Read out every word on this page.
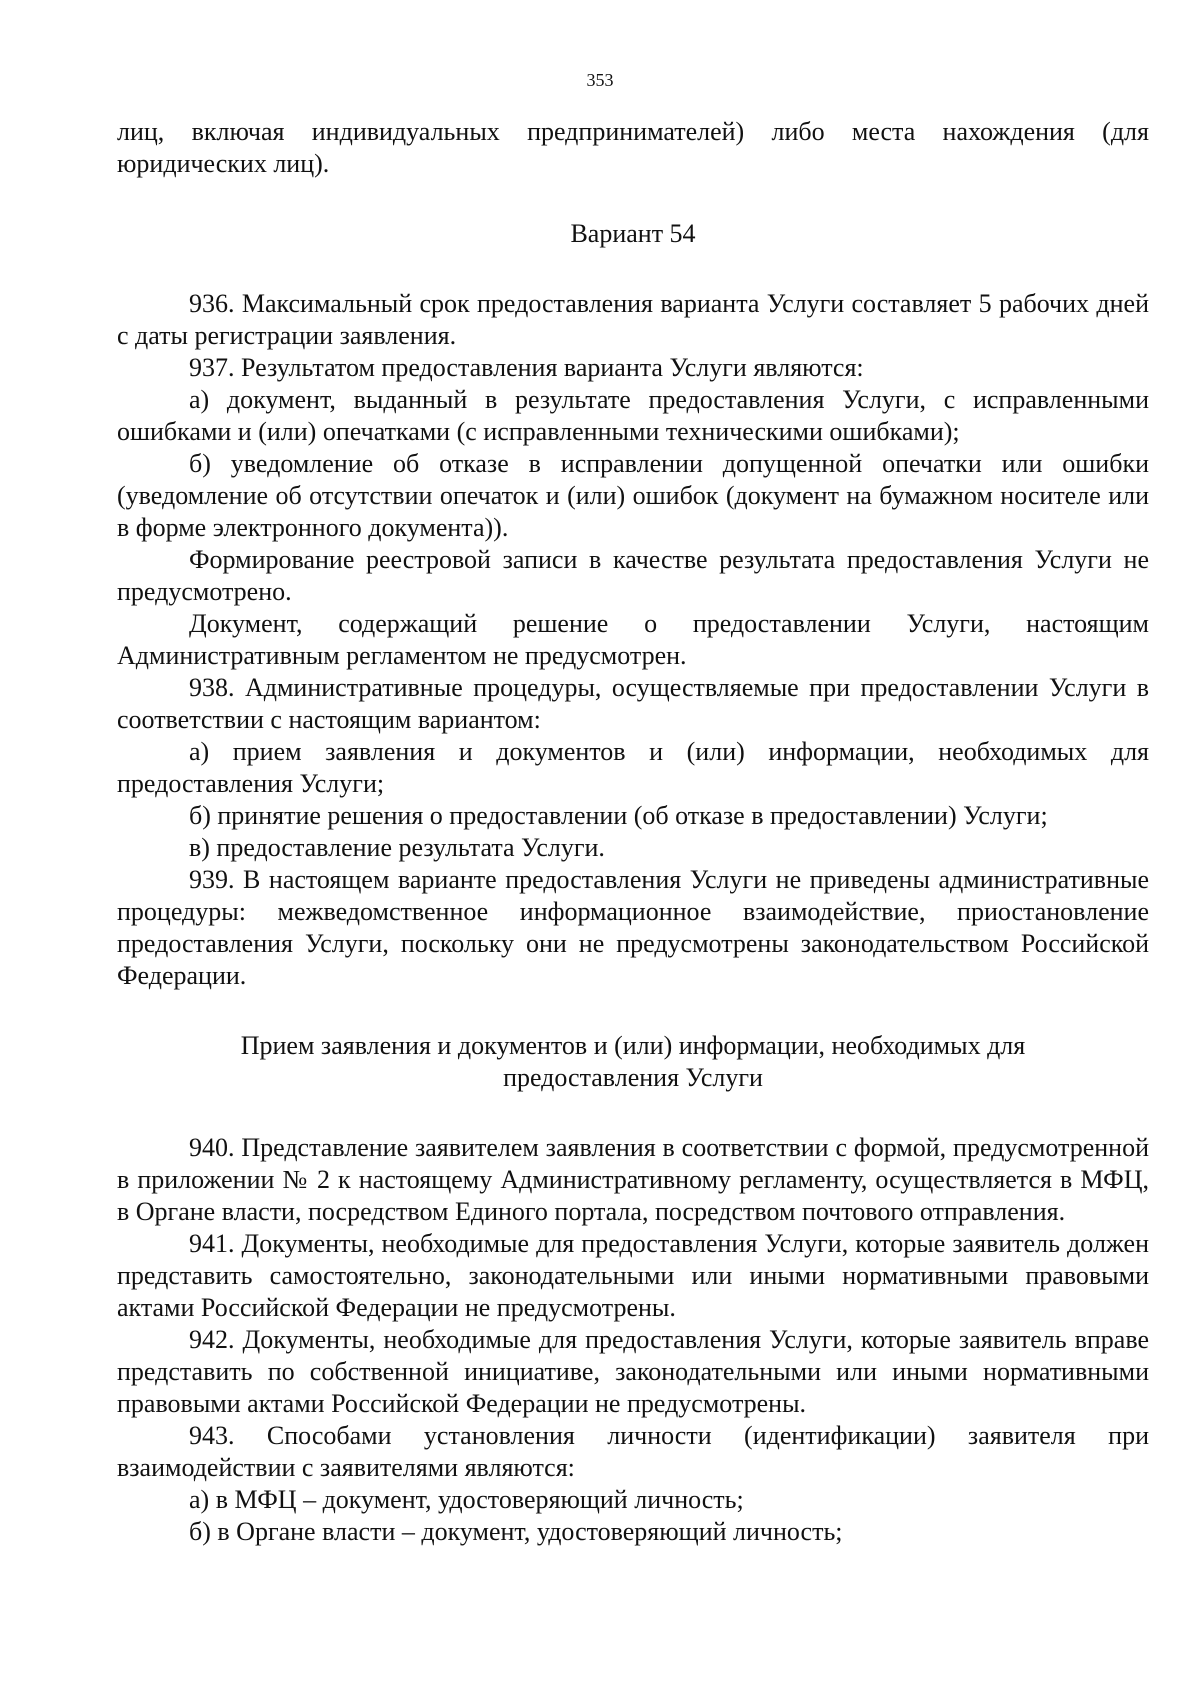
353

лиц, включая индивидуальных предпринимателей) либо места нахождения (для юридических лиц).

Вариант 54

936. Максимальный срок предоставления варианта Услуги составляет 5 рабочих дней с даты регистрации заявления.

937. Результатом предоставления варианта Услуги являются:

а) документ, выданный в результате предоставления Услуги, с исправленными ошибками и (или) опечатками (с исправленными техническими ошибками);

б) уведомление об отказе в исправлении допущенной опечатки или ошибки (уведомление об отсутствии опечаток и (или) ошибок (документ на бумажном носителе или в форме электронного документа)).

Формирование реестровой записи в качестве результата предоставления Услуги не предусмотрено.

Документ, содержащий решение о предоставлении Услуги, настоящим Административным регламентом не предусмотрен.

938. Административные процедуры, осуществляемые при предоставлении Услуги в соответствии с настоящим вариантом:

а) прием заявления и документов и (или) информации, необходимых для предоставления Услуги;

б) принятие решения о предоставлении (об отказе в предоставлении) Услуги;

в) предоставление результата Услуги.

939. В настоящем варианте предоставления Услуги не приведены административные процедуры: межведомственное информационное взаимодействие, приостановление предоставления Услуги, поскольку они не предусмотрены законодательством Российской Федерации.

Прием заявления и документов и (или) информации, необходимых для
предоставления Услуги

940. Представление заявителем заявления в соответствии с формой, предусмотренной в приложении № 2 к настоящему Административному регламенту, осуществляется в МФЦ, в Органе власти, посредством Единого портала, посредством почтового отправления.

941. Документы, необходимые для предоставления Услуги, которые заявитель должен представить самостоятельно, законодательными или иными нормативными правовыми актами Российской Федерации не предусмотрены.

942. Документы, необходимые для предоставления Услуги, которые заявитель вправе представить по собственной инициативе, законодательными или иными нормативными правовыми актами Российской Федерации не предусмотрены.

943. Способами установления личности (идентификации) заявителя при взаимодействии с заявителями являются:

а) в МФЦ – документ, удостоверяющий личность;

б) в Органе власти – документ, удостоверяющий личность;
